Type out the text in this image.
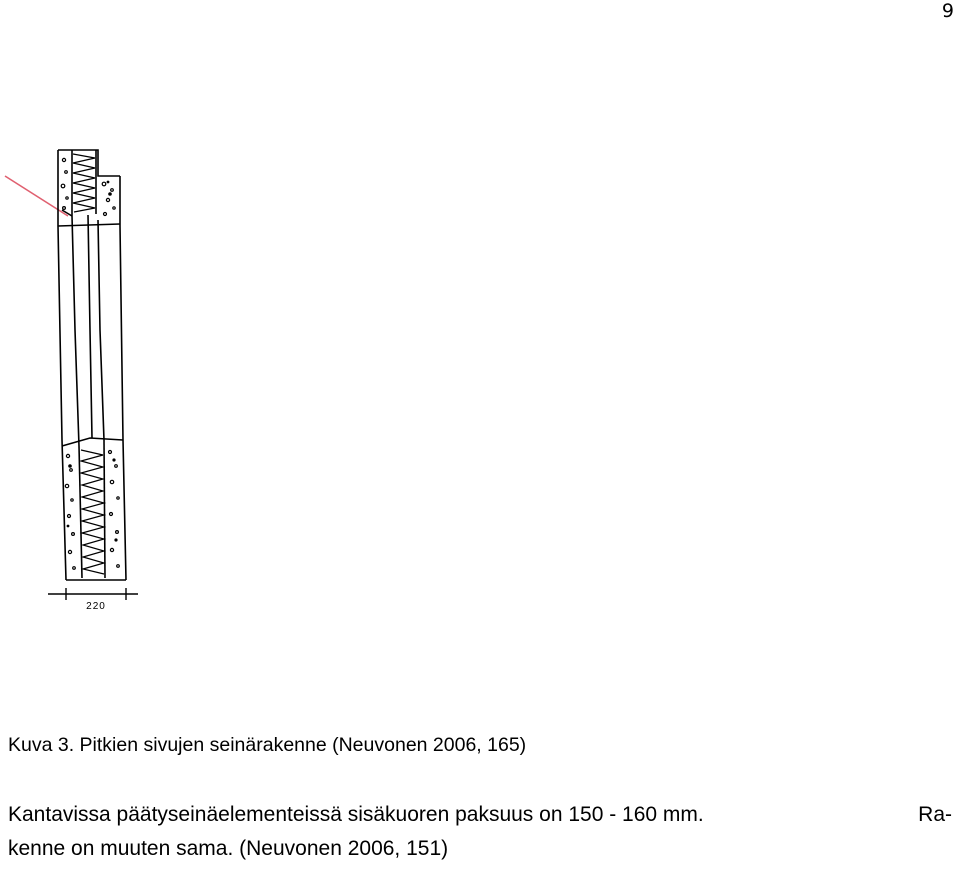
9
220
Kuva 3. Pitkien sivujen seinärakenne (Neuvonen 2006, 165)
Kantavissa päätyseinäelementeissä sisäkuoren paksuus on 150 - 160 mm.	Ra-
kenne on muuten sama. (Neuvonen 2006, 151)
